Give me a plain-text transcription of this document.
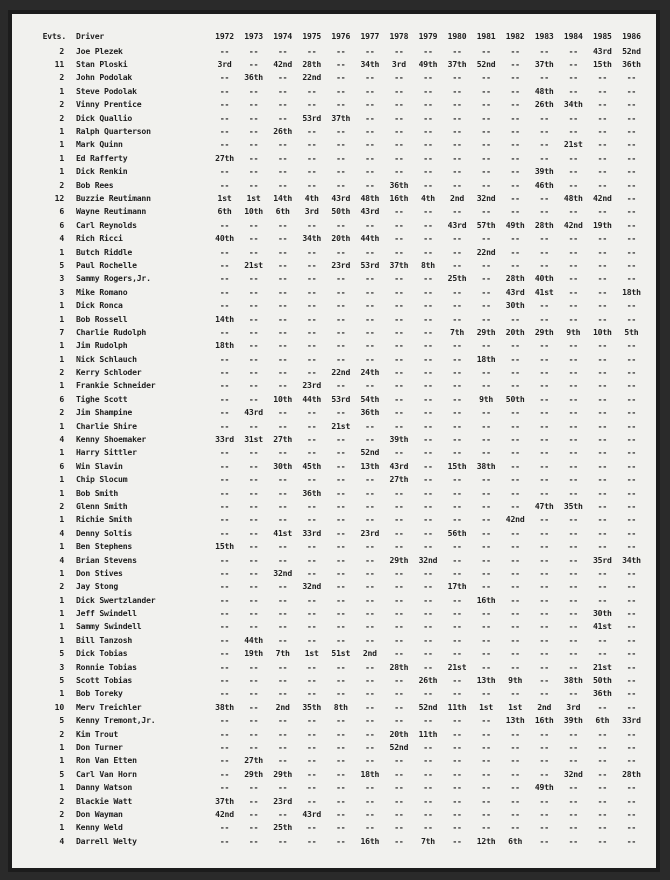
Evts.	Driver	1972	1973	1974	1975	1976	1977	1978	1979	1980	1981	1982	1983	1984	1985	1986
2	Joe Plezek	--	--	--	--	--	--	--	--	--	--	--	--	--	43rd	52nd
11	Stan Ploski	3rd	--	42nd	28th	--	34th	3rd	49th	37th	52nd	--	37th	--	15th	36th
2	John Podolak	--	36th	--	22nd	--	--	--	--	--	--	--	--	--	--	--
1	Steve Podolak	--	--	--	--	--	--	--	--	--	--	--	48th	--	--	--
2	Vinny Prentice	--	--	--	--	--	--	--	--	--	--	--	26th	34th	--	--
2	Dick Quallio	--	--	--	53rd	37th	--	--	--	--	--	--	--	--	--	--
1	Ralph Quarterson	--	--	26th	--	--	--	--	--	--	--	--	--	--	--	--
1	Mark Quinn	--	--	--	--	--	--	--	--	--	--	--	--	21st	--	--
1	Ed Rafferty	27th	--	--	--	--	--	--	--	--	--	--	--	--	--	--
1	Dick Renkin	--	--	--	--	--	--	--	--	--	--	--	39th	--	--	--
2	Bob Rees	--	--	--	--	--	--	36th	--	--	--	--	46th	--	--	--
12	Buzzie Reutimann	1st	1st	14th	4th	43rd	48th	16th	4th	2nd	32nd	--	--	48th	42nd	--
6	Wayne Reutimann	6th	10th	6th	3rd	50th	43rd	--	--	--	--	--	--	--	--	--
6	Carl Reynolds	--	--	--	--	--	--	--	--	43rd	57th	49th	28th	42nd	19th	--
4	Rich Ricci	40th	--	--	34th	20th	44th	--	--	--	--	--	--	--	--	--
1	Butch Riddle	--	--	--	--	--	--	--	--	--	22nd	--	--	--	--	--
5	Paul Rochelle	--	21st	--	--	23rd	53rd	37th	8th	--	--	--	--	--	--	--
3	Sammy Rogers,Jr.	--	--	--	--	--	--	--	--	25th	--	28th	40th	--	--	--
3	Mike Romano	--	--	--	--	--	--	--	--	--	--	43rd	41st	--	--	18th
1	Dick Ronca	--	--	--	--	--	--	--	--	--	--	30th	--	--	--	--
1	Bob Rossell	14th	--	--	--	--	--	--	--	--	--	--	--	--	--	--
7	Charlie Rudolph	--	--	--	--	--	--	--	--	7th	29th	20th	29th	9th	10th	5th
1	Jim Rudolph	18th	--	--	--	--	--	--	--	--	--	--	--	--	--	--
1	Nick Schlauch	--	--	--	--	--	--	--	--	--	18th	--	--	--	--	--
2	Kerry Schloder	--	--	--	--	22nd	24th	--	--	--	--	--	--	--	--	--
1	Frankie Schneider	--	--	--	23rd	--	--	--	--	--	--	--	--	--	--	--
6	Tighe Scott	--	--	10th	44th	53rd	54th	--	--	--	9th	50th	--	--	--	--
2	Jim Shampine	--	43rd	--	--	--	36th	--	--	--	--	--	--	--	--	--
1	Charlie Shire	--	--	--	--	21st	--	--	--	--	--	--	--	--	--	--
4	Kenny Shoemaker	33rd	31st	27th	--	--	--	39th	--	--	--	--	--	--	--	--
1	Harry Sittler	--	--	--	--	--	52nd	--	--	--	--	--	--	--	--	--
6	Win Slavin	--	--	30th	45th	--	13th	43rd	--	15th	38th	--	--	--	--	--
1	Chip Slocum	--	--	--	--	--	--	27th	--	--	--	--	--	--	--	--
1	Bob Smith	--	--	--	36th	--	--	--	--	--	--	--	--	--	--	--
2	Glenn Smith	--	--	--	--	--	--	--	--	--	--	--	47th	35th	--	--
1	Richie Smith	--	--	--	--	--	--	--	--	--	--	42nd	--	--	--	--
4	Denny Soltis	--	--	41st	33rd	--	23rd	--	--	56th	--	--	--	--	--	--
1	Ben Stephens	15th	--	--	--	--	--	--	--	--	--	--	--	--	--	--
4	Brian Stevens	--	--	--	--	--	--	29th	32nd	--	--	--	--	--	35rd	34th
1	Don Stives	--	--	32nd	--	--	--	--	--	--	--	--	--	--	--	--
2	Jay Stong	--	--	--	32nd	--	--	--	--	17th	--	--	--	--	--	--
1	Dick Swertzlander	--	--	--	--	--	--	--	--	--	16th	--	--	--	--	--
1	Jeff Swindell	--	--	--	--	--	--	--	--	--	--	--	--	--	30th	--
1	Sammy Swindell	--	--	--	--	--	--	--	--	--	--	--	--	--	41st	--
1	Bill Tanzosh	--	44th	--	--	--	--	--	--	--	--	--	--	--	--	--
5	Dick Tobias	--	19th	7th	1st	51st	2nd	--	--	--	--	--	--	--	--	--
3	Ronnie Tobias	--	--	--	--	--	--	28th	--	21st	--	--	--	--	21st	--
5	Scott Tobias	--	--	--	--	--	--	--	26th	--	13th	9th	--	38th	50th	--
1	Bob Toreky	--	--	--	--	--	--	--	--	--	--	--	--	--	36th	--
10	Merv Treichler	38th	--	2nd	35th	8th	--	--	52nd	11th	1st	1st	2nd	3rd	--	--
5	Kenny Tremont,Jr.	--	--	--	--	--	--	--	--	--	--	13th	16th	39th	6th	33rd
2	Kim Trout	--	--	--	--	--	--	20th	11th	--	--	--	--	--	--	--
1	Don Turner	--	--	--	--	--	--	52nd	--	--	--	--	--	--	--	--
1	Ron Van Etten	--	27th	--	--	--	--	--	--	--	--	--	--	--	--	--
5	Carl Van Horn	--	29th	29th	--	--	18th	--	--	--	--	--	--	32nd	--	28th
1	Danny Watson	--	--	--	--	--	--	--	--	--	--	--	49th	--	--	--
2	Blackie Watt	37th	--	23rd	--	--	--	--	--	--	--	--	--	--	--	--
2	Don Wayman	42nd	--	--	43rd	--	--	--	--	--	--	--	--	--	--	--
1	Kenny Weld	--	--	25th	--	--	--	--	--	--	--	--	--	--	--	--
4	Darrell Welty	--	--	--	--	--	16th	--	7th	--	12th	6th	--	--	--	--
